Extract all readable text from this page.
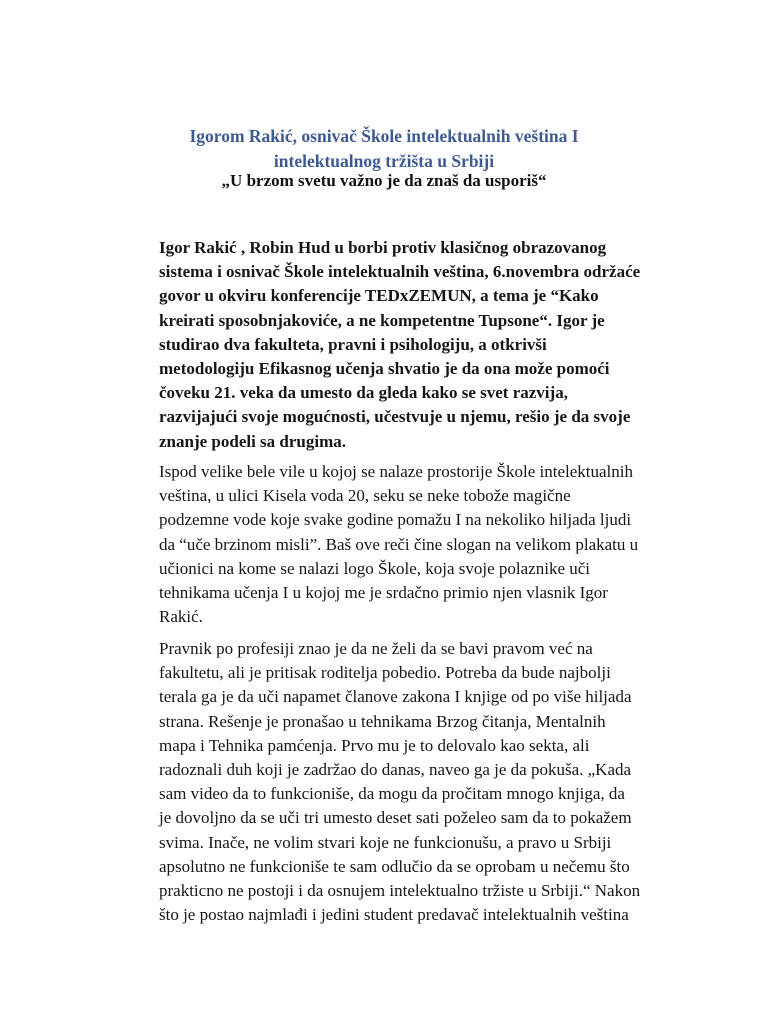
Igorom Rakić, osnivač Škole intelektualnih veština I
intelektualnog tržišta u Srbiji
„U brzom svetu važno je da znaš da usporiš“

Igor Rakić , Robin Hud u borbi protiv klasičnog obrazovanog
sistema i osnivač Škole intelektualnih veština, 6.novembra održaće
govor u okviru konferencije TEDxZEMUN, a tema je “Kako
kreirati sposobnjakoviće, a ne kompetentne Tupsone“. Igor je
studirao dva fakulteta, pravni i psihologiju, a otkrivši
metodologiju Efikasnog učenja shvatio je da ona može pomoći
čoveku 21. veka da umesto da gleda kako se svet razvija,
razvijajući svoje mogućnosti, učestvuje u njemu, rešio je da svoje
znanje podeli sa drugima.

Ispod velike bele vile u kojoj se nalaze prostorije Škole intelektualnih
veština, u ulici Kisela voda 20, seku se neke tobože magične
podzemne vode koje svake godine pomažu I na nekoliko hiljada ljudi
da “uče brzinom misli”. Baš ove reči čine slogan na velikom plakatu u
učionici na kome se nalazi logo Škole, koja svoje polaznike uči
tehnikama učenja I u kojoj me je srdačno primio njen vlasnik Igor
Rakić.

Pravnik po profesiji znao je da ne želi da se bavi pravom već na
fakultetu, ali je pritisak roditelja pobedio. Potreba da bude najbolji
terala ga je da uči napamet članove zakona I knjige od po više hiljada
strana. Rešenje je pronašao u tehnikama Brzog čitanja, Mentalnih
mapa i Tehnika pamćenja. Prvo mu je to delovalo kao sekta, ali
radoznali duh koji je zadržao do danas, naveo ga je da pokuša. „Kada
sam video da to funkcioniše, da mogu da pročitam mnogo knjiga, da
je dovoljno da se uči tri umesto deset sati poželeo sam da to pokažem
svima. Inače, ne volim stvari koje ne funkcionušu, a pravo u Srbiji
apsolutno ne funkcioniše te sam odlučio da se oprobam u nečemu što
prakticno ne postoji i da osnujem intelektualno tržiste u Srbiji.“ Nakon
što je postao najmlađi i jedini student predavač intelektualnih veština
